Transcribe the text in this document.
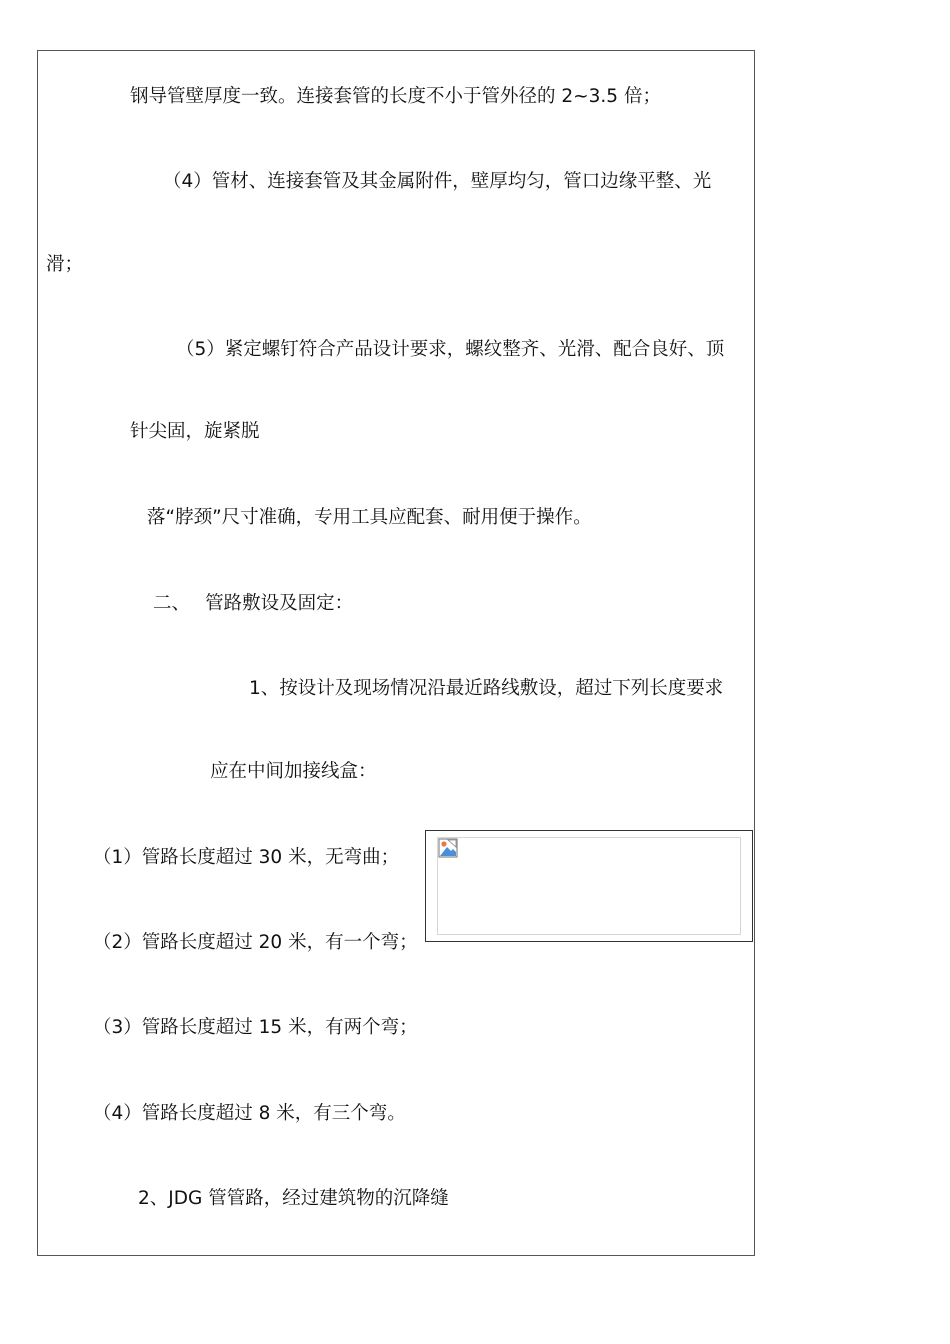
钢导管壁厚度一致。连接套管的长度不小于管外径的 2~3.5 倍；
（4）管材、连接套管及其金属附件，壁厚均匀，管口边缘平整、光
滑；
（5）紧定螺钉符合产品设计要求，螺纹整齐、光滑、配合良好、顶
针尖固，旋紧脱
落“脖颈”尺寸准确，专用工具应配套、耐用便于操作。
二、　 管路敷设及固定：
1、按设计及现场情况沿最近路线敷设，超过下列长度要求
应在中间加接线盒：
（1）管路长度超过 30 米，无弯曲；
（2）管路长度超过 20 米，有一个弯；
（3）管路长度超过 15 米，有两个弯；
（4）管路长度超过 8 米，有三个弯。
2、JDG 管管路，经过建筑物的沉降缝
